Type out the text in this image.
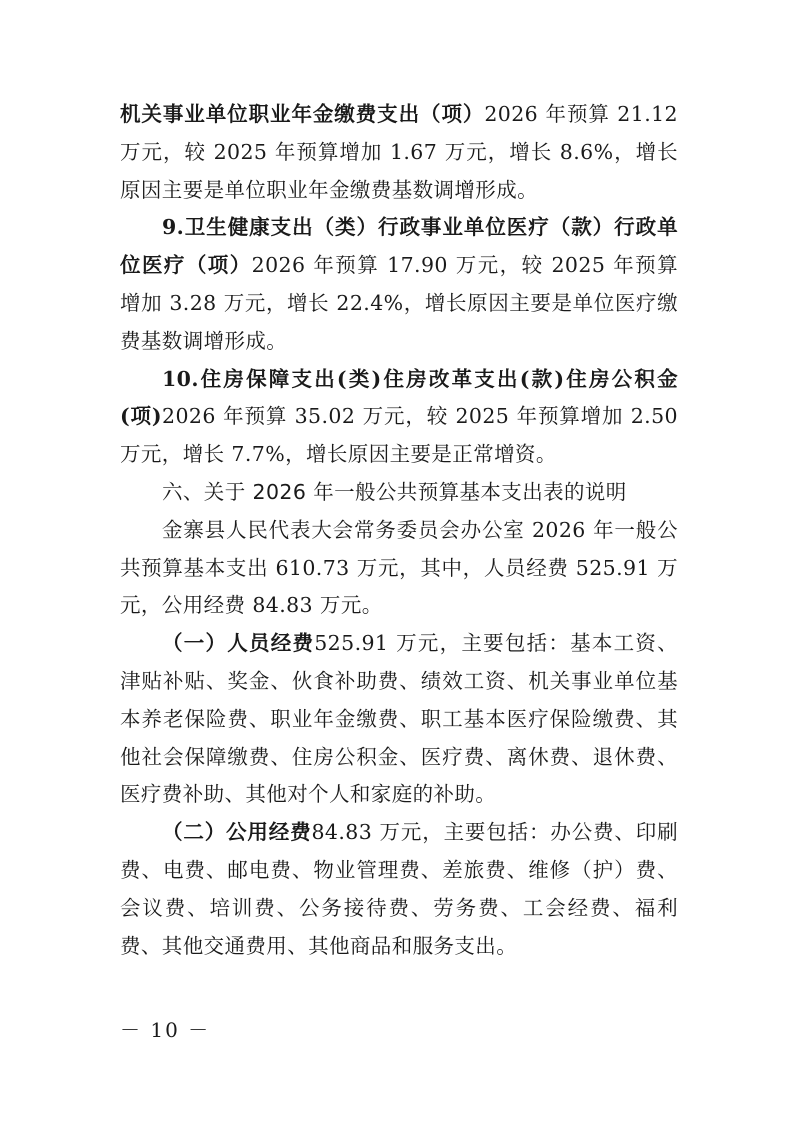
机关事业单位职业年金缴费支出（项）2026 年预算 21.12 万元，较 2025 年预算增加 1.67 万元，增长 8.6%，增长原因主要是单位职业年金缴费基数调增形成。

9.卫生健康支出（类）行政事业单位医疗（款）行政单位医疗（项）2026 年预算 17.90 万元，较 2025 年预算增加 3.28 万元，增长 22.4%，增长原因主要是单位医疗缴费基数调增形成。

10.住房保障支出(类)住房改革支出(款)住房公积金(项)2026 年预算 35.02 万元，较 2025 年预算增加 2.50 万元，增长 7.7%，增长原因主要是正常增资。

六、关于 2026 年一般公共预算基本支出表的说明

金寨县人民代表大会常务委员会办公室 2026 年一般公共预算基本支出 610.73 万元，其中，人员经费 525.91 万元，公用经费 84.83 万元。

（一）人员经费525.91 万元，主要包括：基本工资、津贴补贴、奖金、伙食补助费、绩效工资、机关事业单位基本养老保险费、职业年金缴费、职工基本医疗保险缴费、其他社会保障缴费、住房公积金、医疗费、离休费、退休费、医疗费补助、其他对个人和家庭的补助。

（二）公用经费84.83 万元，主要包括：办公费、印刷费、电费、邮电费、物业管理费、差旅费、维修（护）费、会议费、培训费、公务接待费、劳务费、工会经费、福利费、其他交通费用、其他商品和服务支出。

－ 10 －
